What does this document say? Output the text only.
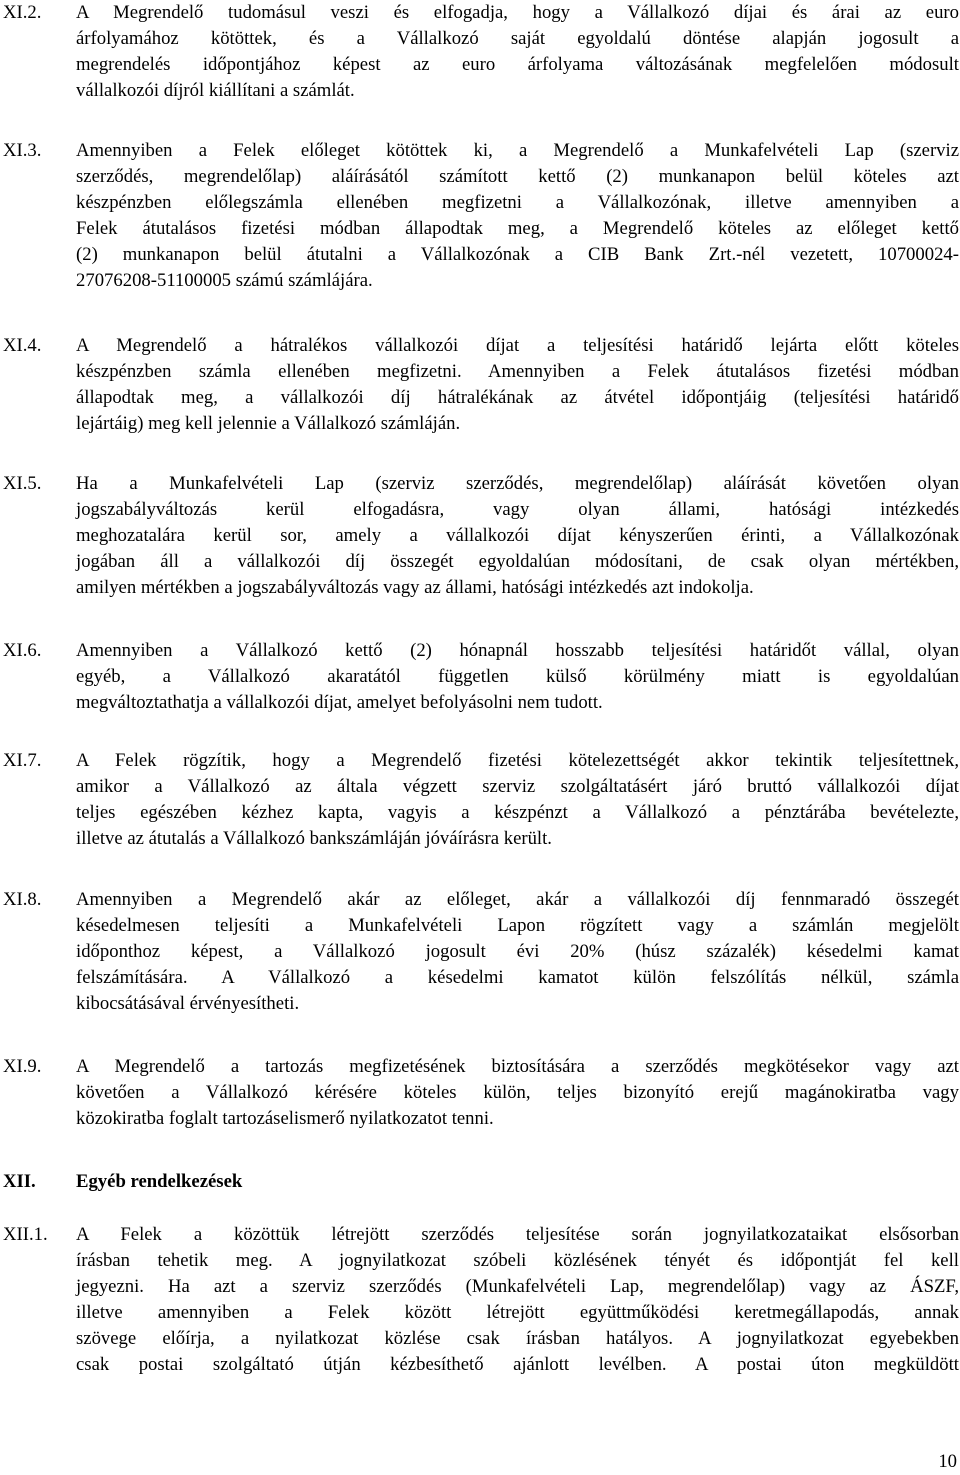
XI.2. A Megrendelő tudomásul veszi és elfogadja, hogy a Vállalkozó díjai és árai az euro
árfolyamához kötöttek, és a Vállalkozó saját egyoldalú döntése alapján jogosult a
megrendelés időpontjához képest az euro árfolyama változásának megfelelően módosult
vállalkozói díjról kiállítani a számlát.
XI.3. Amennyiben a Felek előleget kötöttek ki, a Megrendelő a Munkafelvételi Lap (szerviz
szerződés, megrendelőlap) aláírásától számított kettő (2) munkanapon belül köteles azt
készpénzben előlegszámla ellenében megfizetni a Vállalkozónak, illetve amennyiben a
Felek átutalásos fizetési módban állapodtak meg, a Megrendelő köteles az előleget kettő
(2) munkanapon belül átutalni a Vállalkozónak a CIB Bank Zrt.-nél vezetett, 10700024-
27076208-51100005 számú számlájára.
XI.4. A Megrendelő a hátralékos vállalkozói díjat a teljesítési határidő lejárta előtt köteles
készpénzben számla ellenében megfizetni. Amennyiben a Felek átutalásos fizetési módban
állapodtak meg, a vállalkozói díj hátralékának az átvétel időpontjáig (teljesítési határidő
lejártáig) meg kell jelennie a Vállalkozó számláján.
XI.5. Ha a Munkafelvételi Lap (szerviz szerződés, megrendelőlap) aláírását követően olyan
jogszabályváltozás kerül elfogadásra, vagy olyan állami, hatósági intézkedés
meghozatalára kerül sor, amely a vállalkozói díjat kényszerűen érinti, a Vállalkozónak
jogában áll a vállalkozói díj összegét egyoldalúan módosítani, de csak olyan mértékben,
amilyen mértékben a jogszabályváltozás vagy az állami, hatósági intézkedés azt indokolja.
XI.6. Amennyiben a Vállalkozó kettő (2) hónapnál hosszabb teljesítési határidőt vállal, olyan
egyéb, a Vállalkozó akaratától független külső körülmény miatt is egyoldalúan
megváltoztathatja a vállalkozói díjat, amelyet befolyásolni nem tudott.
XI.7. A Felek rögzítik, hogy a Megrendelő fizetési kötelezettségét akkor tekintik teljesítettnek,
amikor a Vállalkozó az általa végzett szerviz szolgáltatásért járó bruttó vállalkozói díjat
teljes egészében kézhez kapta, vagyis a készpénzt a Vállalkozó a pénztárába bevételezte,
illetve az átutalás a Vállalkozó bankszámláján jóváírásra került.
XI.8. Amennyiben a Megrendelő akár az előleget, akár a vállalkozói díj fennmaradó összegét
késedelmesen teljesíti a Munkafelvételi Lapon rögzített vagy a számlán megjelölt
időponthoz képest, a Vállalkozó jogosult évi 20% (húsz százalék) késedelmi kamat
felszámítására. A Vállalkozó a késedelmi kamatot külön felszólítás nélkül, számla
kibocsátásával érvényesítheti.
XI.9. A Megrendelő a tartozás megfizetésének biztosítására a szerződés megkötésekor vagy azt
követően a Vállalkozó kérésére köteles külön, teljes bizonyító erejű magánokiratba vagy
közokiratba foglalt tartozáselismerő nyilatkozatot tenni.
XII. Egyéb rendelkezések
XII.1. A Felek a közöttük létrejött szerződés teljesítése során jognyilatkozataikat elsősorban
írásban tehetik meg. A jognyilatkozat szóbeli közlésének tényét és időpontját fel kell
jegyezni. Ha azt a szerviz szerződés (Munkafelvételi Lap, megrendelőlap) vagy az ÁSZF,
illetve amennyiben a Felek között létrejött együttműködési keretmegállapodás, annak
szövege előírja, a nyilatkozat közlése csak írásban hatályos. A jognyilatkozat egyebekben
csak postai szolgáltató útján kézbesíthető ajánlott levélben. A postai úton megküldött
10
